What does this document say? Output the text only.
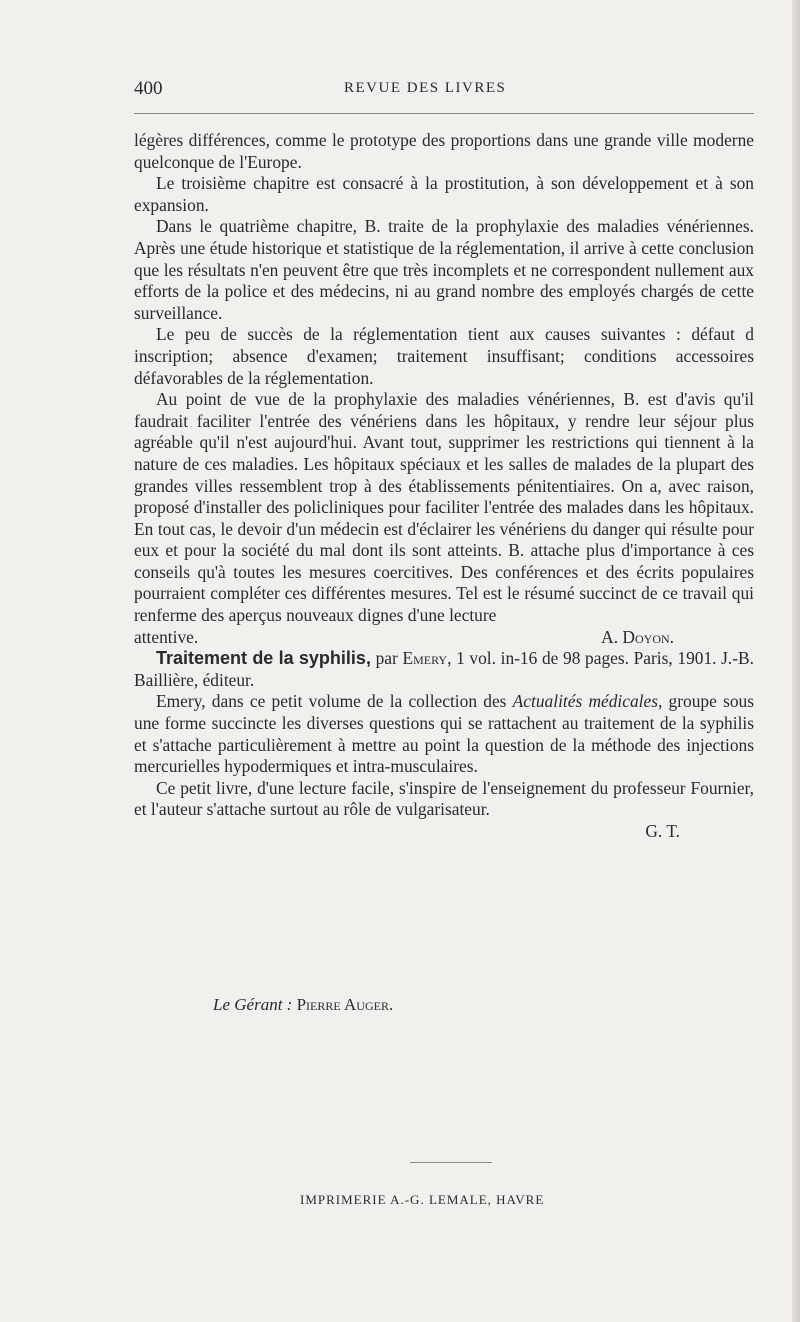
400	REVUE DES LIVRES

légères différences, comme le prototype des proportions dans une grande ville moderne quelconque de l'Europe.

Le troisième chapitre est consacré à la prostitution, à son développement et à son expansion.

Dans le quatrième chapitre, B. traite de la prophylaxie des maladies vénériennes. Après une étude historique et statistique de la réglementation, il arrive à cette conclusion que les résultats n'en peuvent être que très incomplets et ne correspondent nullement aux efforts de la police et des médecins, ni au grand nombre des employés chargés de cette surveillance.

Le peu de succès de la réglementation tient aux causes suivantes : défaut d inscription; absence d'examen; traitement insuffisant; conditions accessoires défavorables de la réglementation.

Au point de vue de la prophylaxie des maladies vénériennes, B. est d'avis qu'il faudrait faciliter l'entrée des vénériens dans les hôpitaux, y rendre leur séjour plus agréable qu'il n'est aujourd'hui. Avant tout, supprimer les restrictions qui tiennent à la nature de ces maladies. Les hôpitaux spéciaux et les salles de malades de la plupart des grandes villes ressemblent trop à des établissements pénitentiaires. On a, avec raison, proposé d'installer des policliniques pour faciliter l'entrée des malades dans les hôpitaux. En tout cas, le devoir d'un médecin est d'éclairer les vénériens du danger qui résulte pour eux et pour la société du mal dont ils sont atteints. B. attache plus d'importance à ces conseils qu'à toutes les mesures coercitives. Des conférences et des écrits populaires pourraient compléter ces différentes mesures. Tel est le résumé succinct de ce travail qui renferme des aperçus nouveaux dignes d'une lecture

attentive.	A. Doyon.

Traitement de la syphilis, par Emery, 1 vol. in-16 de 98 pages. Paris, 1901. J.-B. Baillière, éditeur.

Emery, dans ce petit volume de la collection des Actualités médicales, groupe sous une forme succincte les diverses questions qui se rattachent au traitement de la syphilis et s'attache particulièrement à mettre au point la question de la méthode des injections mercurielles hypodermiques et intra-musculaires.

Ce petit livre, d'une lecture facile, s'inspire de l'enseignement du professeur Fournier, et l'auteur s'attache surtout au rôle de vulgarisateur.

G. T.

Le Gérant : Pierre Auger.
IMPRIMERIE A.-G. LEMALE, HAVRE
